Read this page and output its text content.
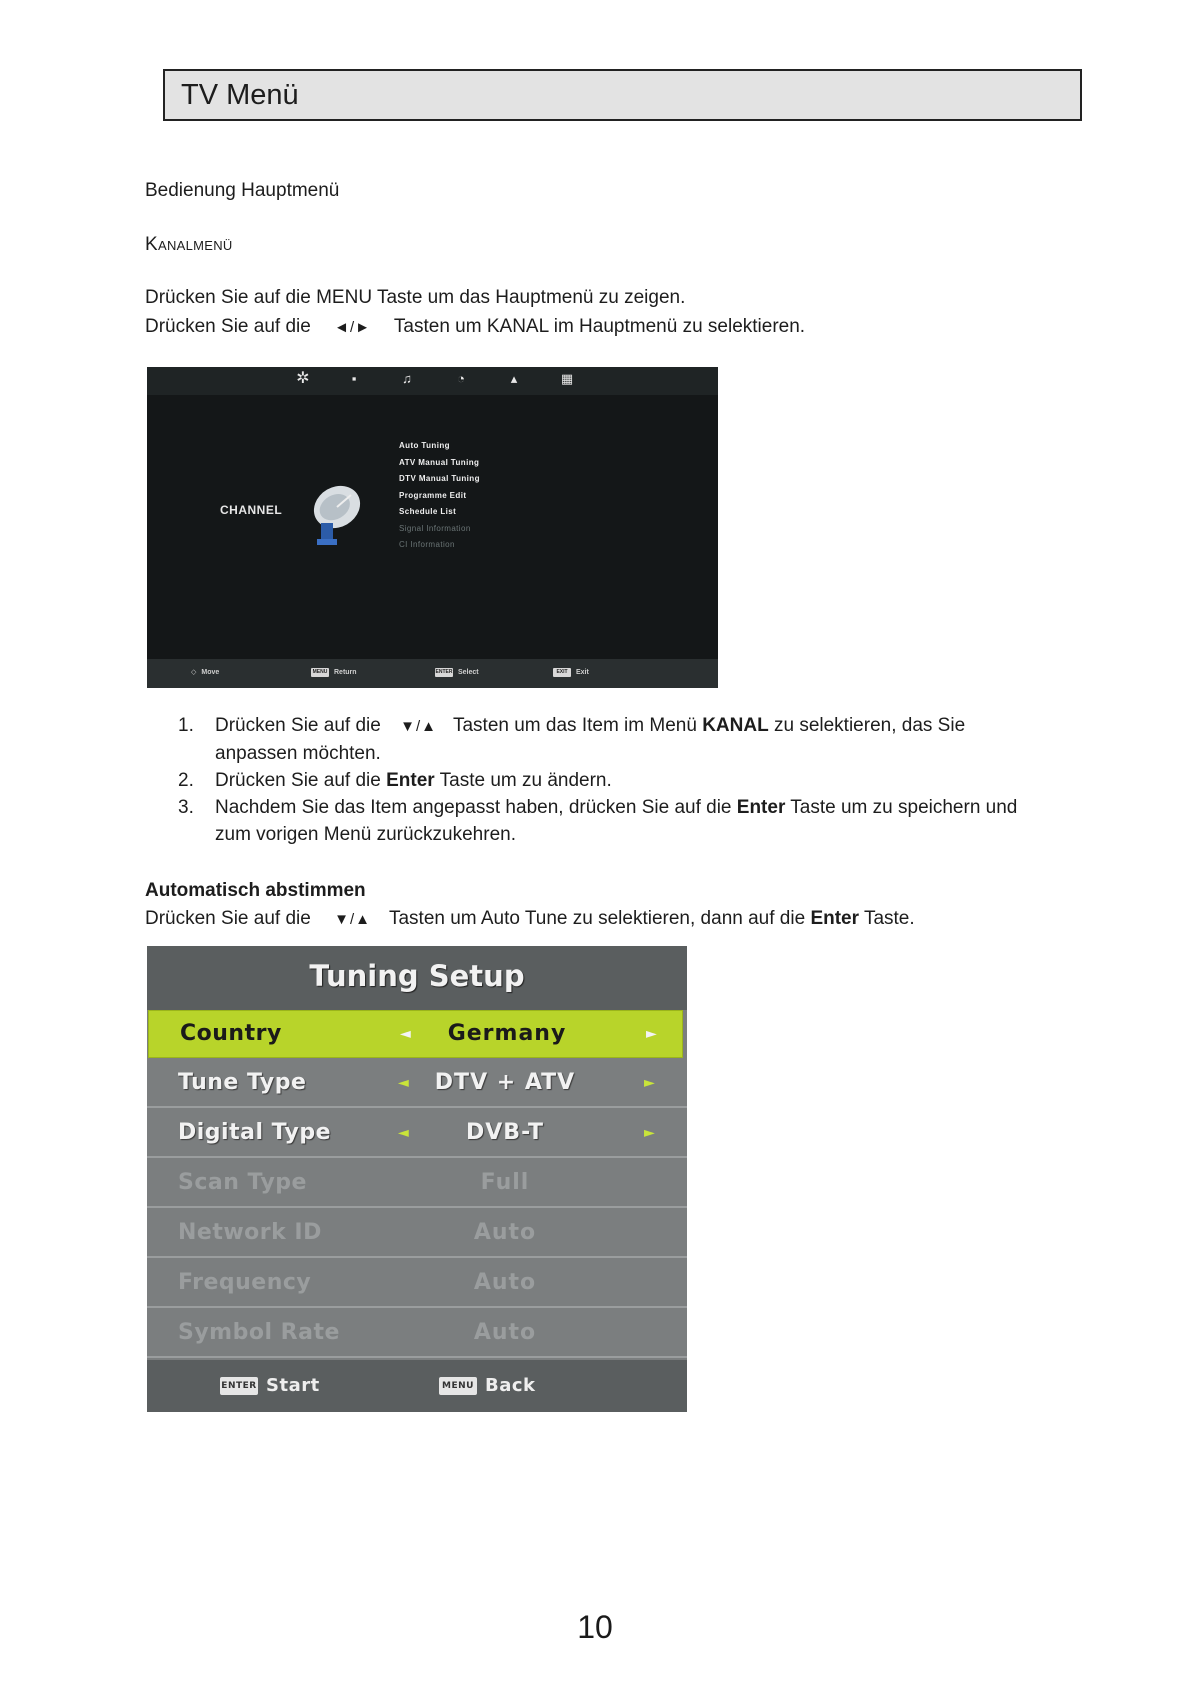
TV Menü
Bedienung Hauptmenü
Kanalmenü
Drücken Sie auf die MENU Taste um das Hauptmenü zu zeigen.
Drücken Sie auf die ◄/► Tasten um KANAL im Hauptmenü zu selektieren.
✲	▪	♫	◔	▴	▦
CHANNEL
Auto Tuning
ATV Manual Tuning
DTV Manual Tuning
Programme Edit
Schedule List
Signal Information
CI Information
◇ Move	MENU Return	ENTER Select	EXIT	Exit
1. Drücken Sie auf die ▼/▲ Tasten um das Item im Menü KANAL zu selektieren, das Sie
anpassen möchten.
2. Drücken Sie auf die Enter Taste um zu ändern.
3. Nachdem Sie das Item angepasst haben, drücken Sie auf die Enter Taste um zu speichern und
zum vorigen Menü zurückzukehren.
Automatisch abstimmen
Drücken Sie auf die ▼/▲ Tasten um Auto Tune zu selektieren, dann auf die Enter Taste.
Tuning Setup
Country	◄	Germany	►
Tune Type	◄	DTV + ATV	►
Digital Type	◄	DVB-T	►
Scan Type	Full
Network ID	Auto
Frequency	Auto
Symbol Rate	Auto
ENTER Start	MENU Back
10
